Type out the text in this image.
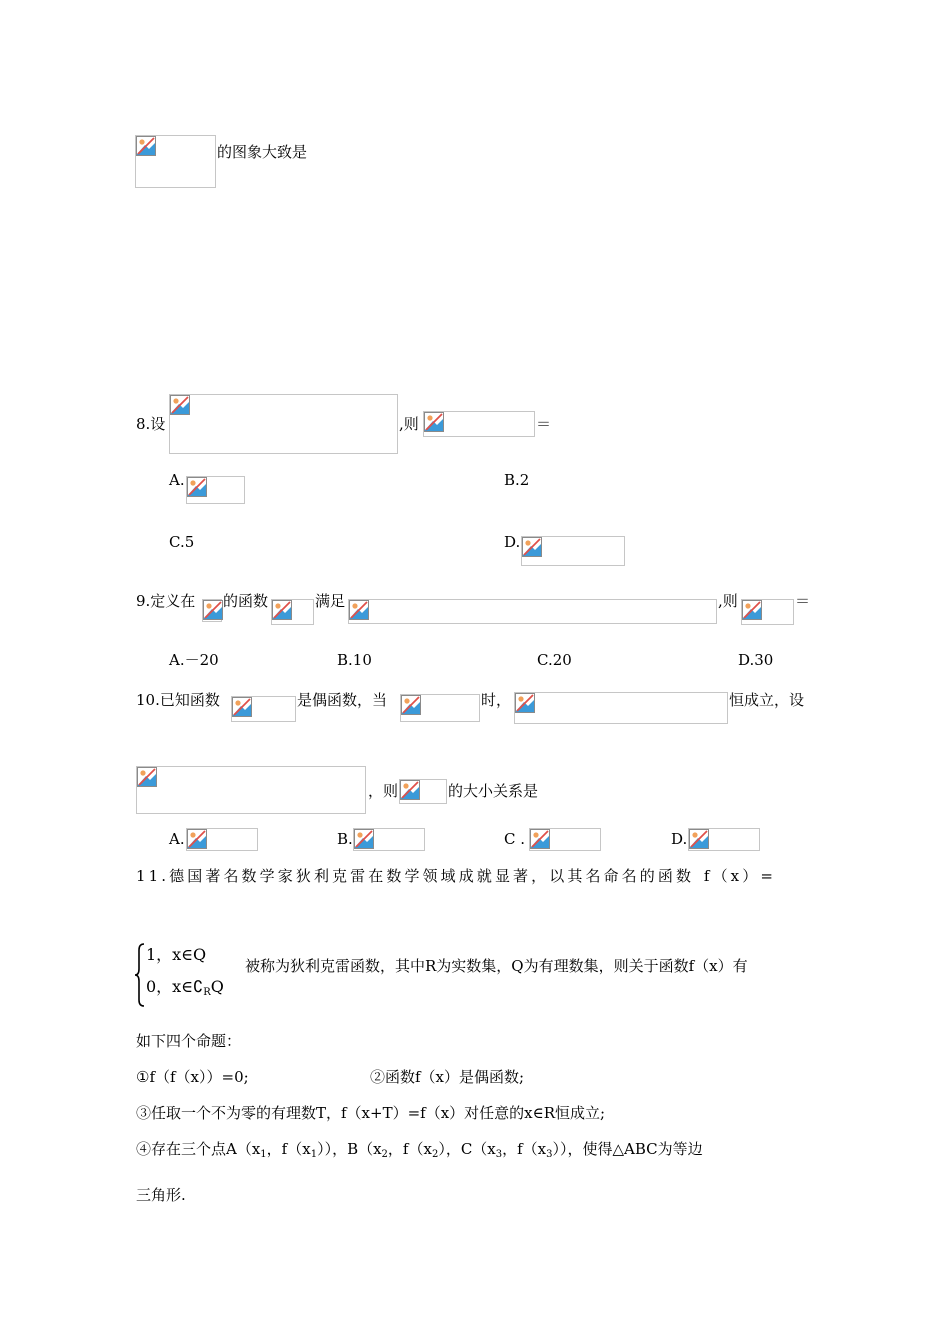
的图象大致是
8.设	,则	＝
A.	B.2
C.5	D.
9.定义在 的函数	满足	,则	＝
A.－20	B.10	C.20	D.30
10.已知函数	是偶函数，当	时，	恒成立，设
，则	的大小关系是
A.	B.	C .	D.
11.德国著名数学家狄利克雷在数学领域成就显著，以其名命名的函数 f（x）=
1，x∈Q
0，$x\in∁_RQ$
被称为狄利克雷函数，其中R为实数集，Q为有理数集，则关于函数f（x）有
如下四个命题：
①f（f（x））=0;	②函数f（x）是偶函数;
③任取一个不为零的有理数T，f（x+T）=f（x）对任意的x∈R恒成立;
④存在三个点$A(x_1$，$f(x_1)$），$B(x_2$，$f(x_2)$，$C(x_3$，$f(x_3)$），使得△ABC为等边
三角形.
